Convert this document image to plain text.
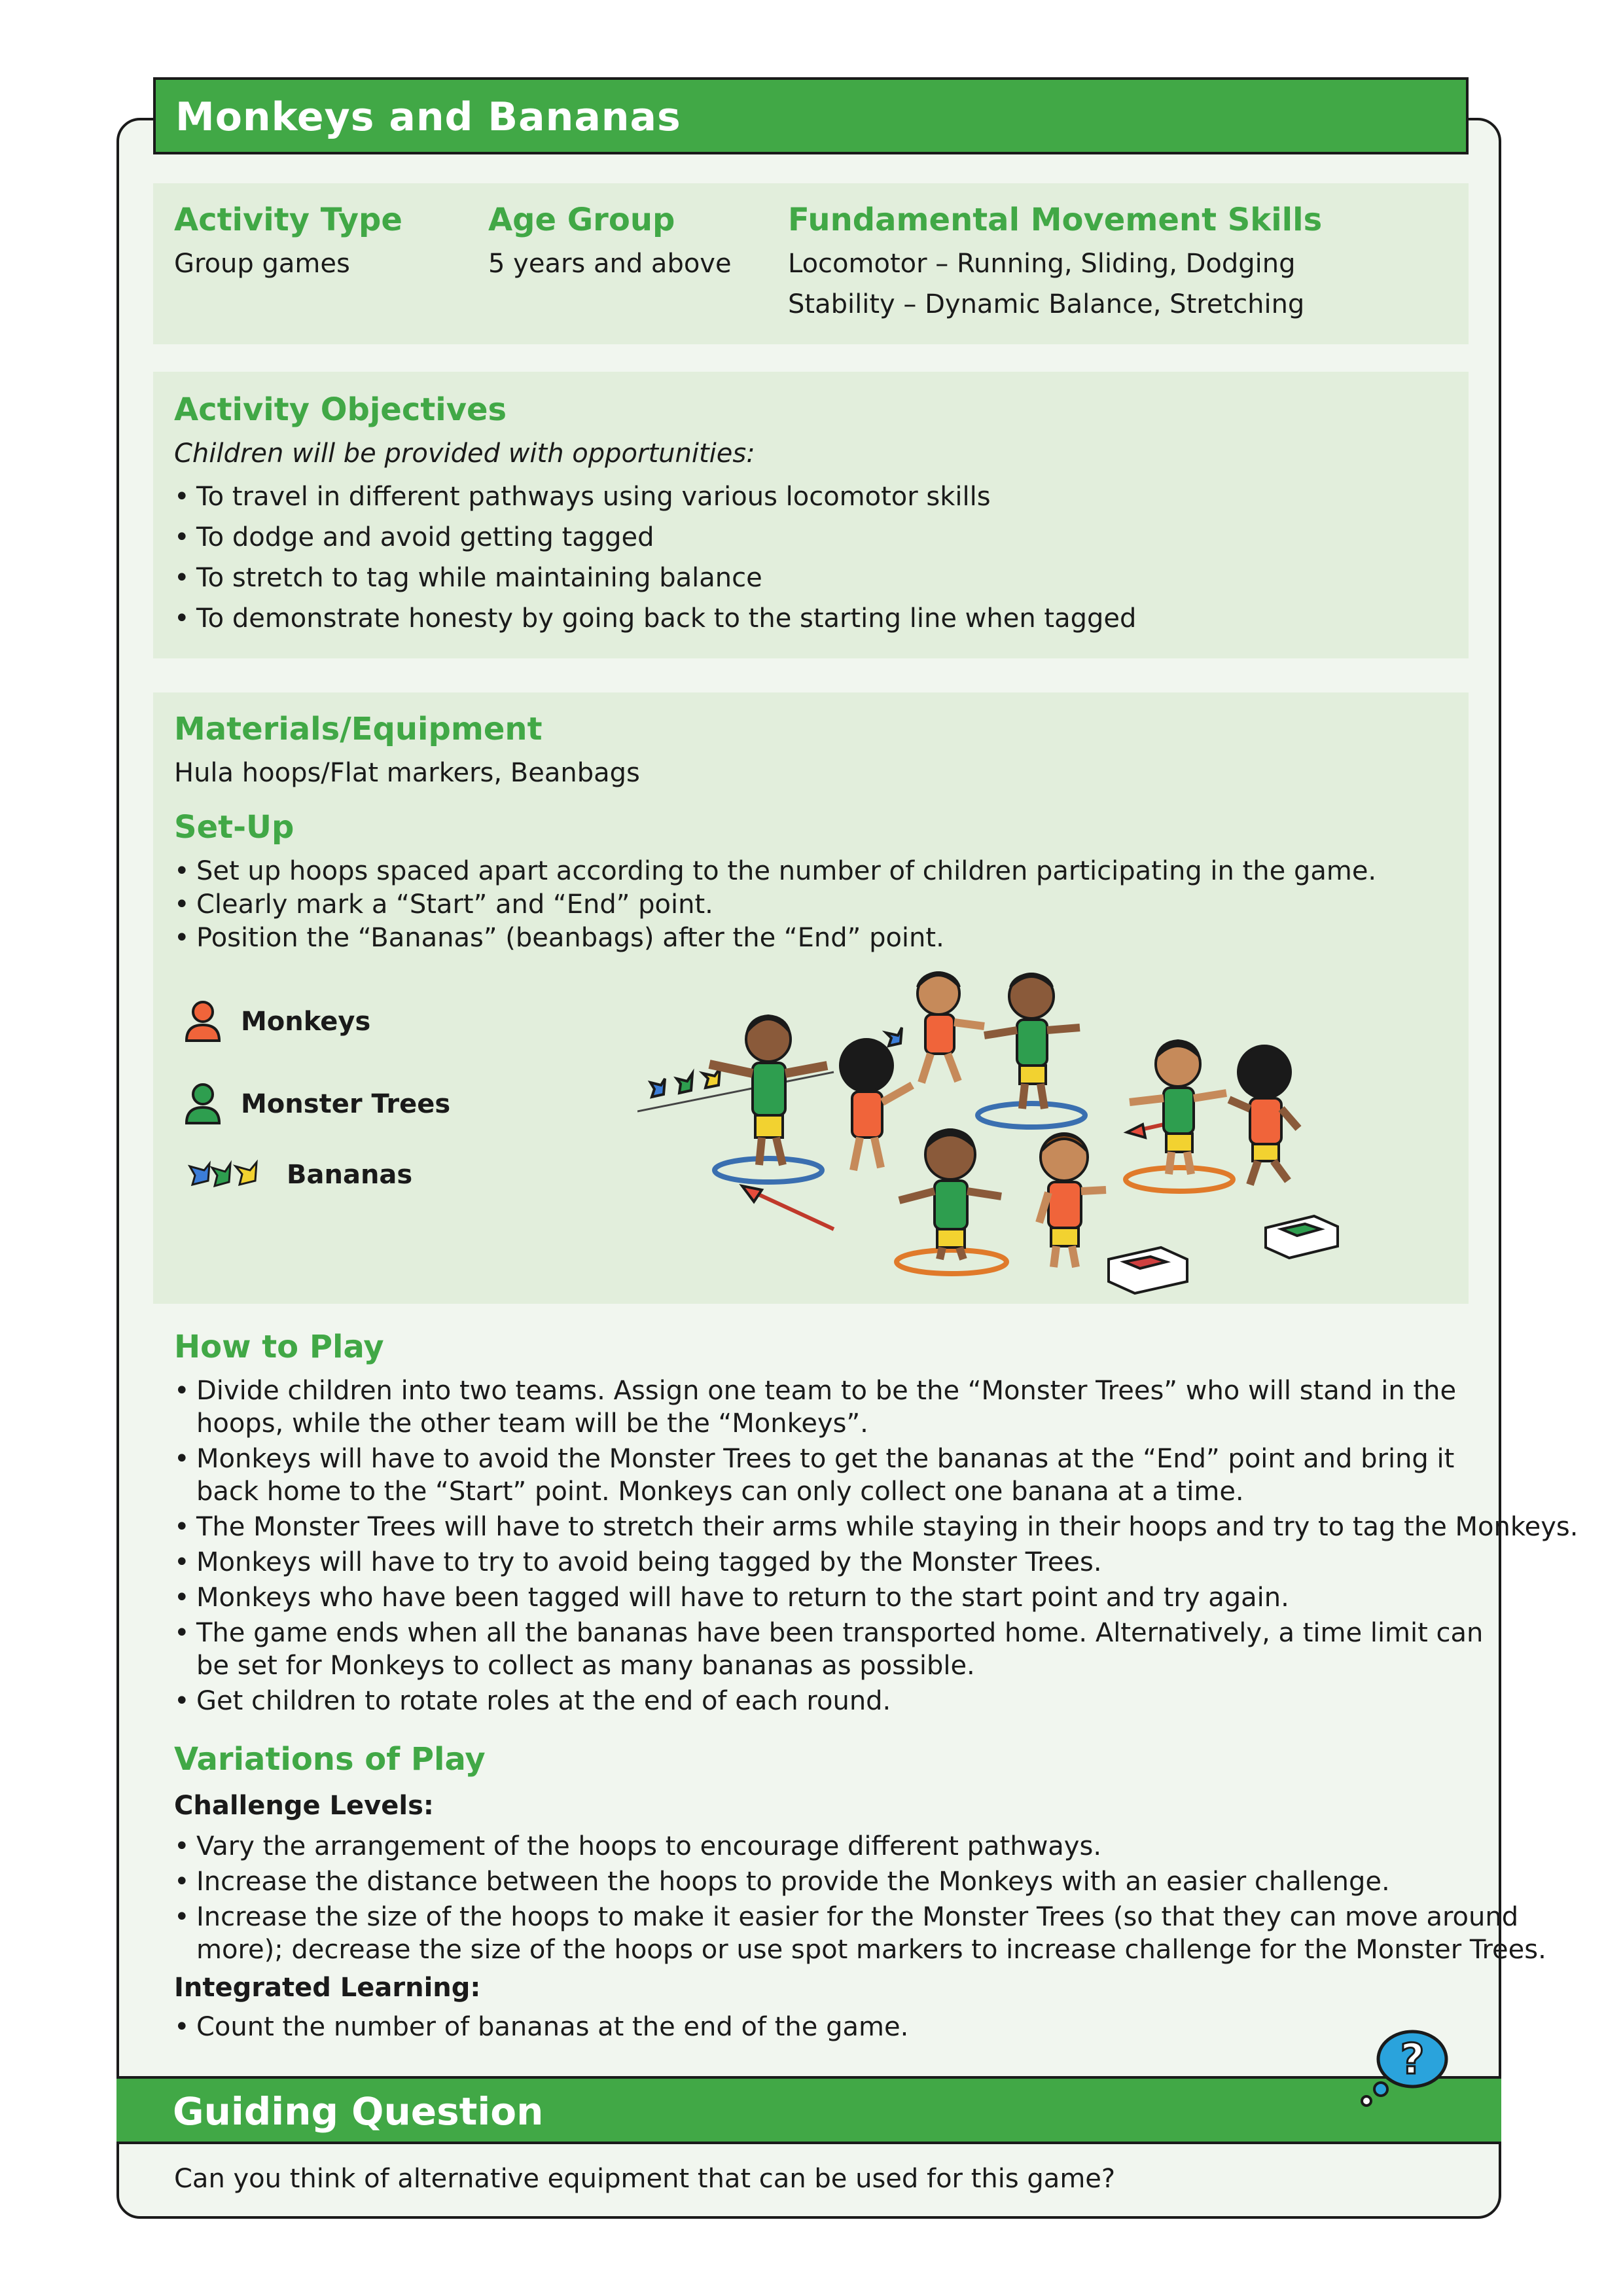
Monkeys and Bananas

Activity Type

Group games

Age Group

5 years and above

Fundamental Movement Skills

Locomotor – Running, Sliding, Dodging

Stability – Dynamic Balance, Stretching

Activity Objectives

Children will be provided with opportunities:

• To travel in different pathways using various locomotor skills
• To dodge and avoid getting tagged
• To stretch to tag while maintaining balance
• To demonstrate honesty by going back to the starting line when tagged

Materials/Equipment

Hula hoops/Flat markers, Beanbags

Set-Up

• Set up hoops spaced apart according to the number of children participating in the game.
• Clearly mark a “Start” and “End” point.
• Position the “Bananas” (beanbags) after the “End” point.
Monkeys
Monster Trees
Bananas

How to Play

• Divide children into two teams. Assign one team to be the “Monster Trees” who will stand in the
hoops, while the other team will be the “Monkeys”.
• Monkeys will have to avoid the Monster Trees to get the bananas at the “End” point and bring it
back home to the “Start” point. Monkeys can only collect one banana at a time.
• The Monster Trees will have to stretch their arms while staying in their hoops and try to tag the Monkeys.
• Monkeys will have to try to avoid being tagged by the Monster Trees.
• Monkeys who have been tagged will have to return to the start point and try again.
• The game ends when all the bananas have been transported home. Alternatively, a time limit can
be set for Monkeys to collect as many bananas as possible.
• Get children to rotate roles at the end of each round.

Variations of Play

Challenge Levels:

• Vary the arrangement of the hoops to encourage different pathways.
• Increase the distance between the hoops to provide the Monkeys with an easier challenge.
• Increase the size of the hoops to make it easier for the Monster Trees (so that they can move around
more); decrease the size of the hoops or use spot markers to increase challenge for the Monster Trees.

Integrated Learning:

• Count the number of bananas at the end of the game.
Guiding Question
?

Can you think of alternative equipment that can be used for this game?
